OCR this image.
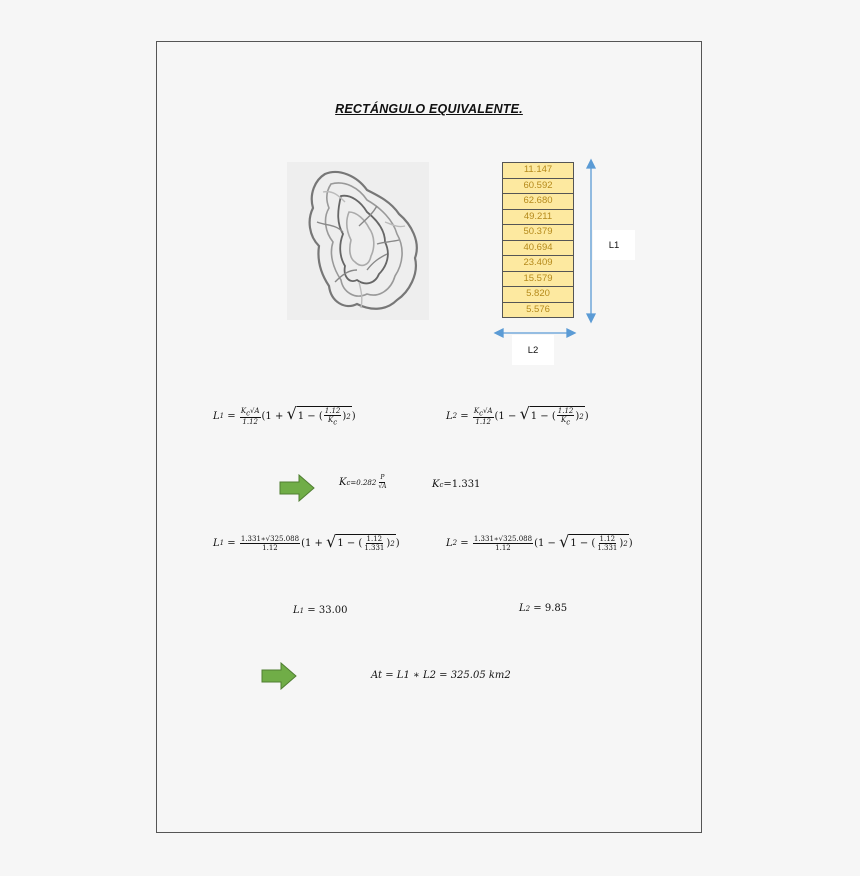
RECTÁNGULO EQUIVALENTE.
11.147
60.592
62.680
49.211
50.379
40.694
23.409
15.579
5.820
5.576
L1
L2
L $1 = \frac{K_c√A}{1.12} (1$ +
√ 1 − ( $\frac{1.12}{K_c}$ ) 2 )	L $2 = \frac{K_c√A}{1.12} (1$ −
√ 1 − ( $\frac{1.12}{K_c}$ ) 2 )
K $c=0.282 \frac{P}{√A}$	K c =1.331
L $1 = \frac{1.331∗√325.088}{1.12} (1$ +
√ 1 − ( $\frac{1.12}{1.331}$ ) 2 )	L $2 = \frac{1.331∗√325.088}{1.12} (1$ −
√ 1 − ( $\frac{1.12}{1.331}$ ) 2 )
L 1
= 33.00	L 2
= 9.85
At = L1 ∗ L2 = 325.05 km2
